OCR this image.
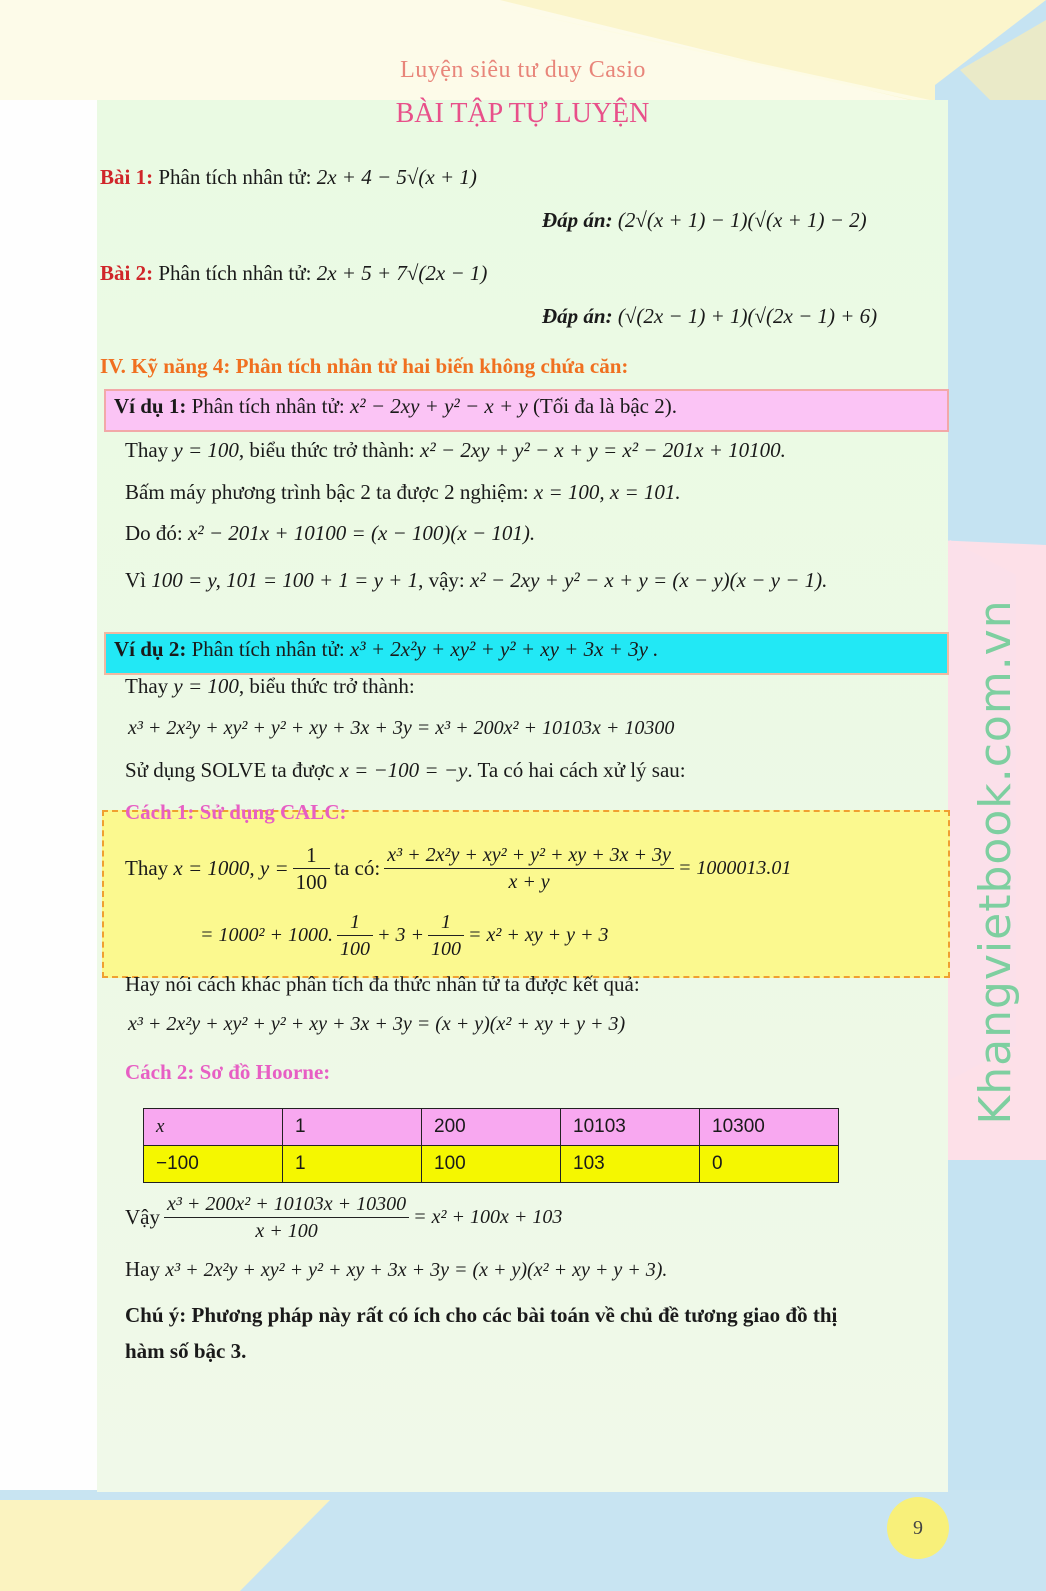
Khangvietbook.com.vn
Luyện siêu tư duy Casio
BÀI TẬP TỰ LUYỆN
Bài 1: Phân tích nhân tử: 2x + 4 − 5√(x + 1)
Đáp án: (2√(x + 1) − 1)(√(x + 1) − 2)
Bài 2: Phân tích nhân tử: 2x + 5 + 7√(2x − 1)
Đáp án: (√(2x − 1) + 1)(√(2x − 1) + 6)
IV. Kỹ năng 4: Phân tích nhân tử hai biến không chứa căn:
Ví dụ 1: Phân tích nhân tử: x² − 2xy + y² − x + y (Tối đa là bậc 2).
Thay y = 100, biểu thức trở thành: x² − 2xy + y² − x + y = x² − 201x + 10100.
Bấm máy phương trình bậc 2 ta được 2 nghiệm: x = 100, x = 101.
Do đó: x² − 201x + 10100 = (x − 100)(x − 101).
Vì 100 = y, 101 = 100 + 1 = y + 1, vậy: x² − 2xy + y² − x + y = (x − y)(x − y − 1).
Ví dụ 2: Phân tích nhân tử: x³ + 2x²y + xy² + y² + xy + 3x + 3y .
Thay y = 100, biểu thức trở thành:
x³ + 2x²y + xy² + y² + xy + 3x + 3y = x³ + 200x² + 10103x + 10300
Sử dụng SOLVE ta được x = −100 = −y. Ta có hai cách xử lý sau:
Cách 1: Sử dụng CALC:
Thay
x = 1000, $y = \frac{1}{100}$ ta có: $\frac{\text{x³ + 2x²y + xy² + y² + xy + 3x + 3y}}{x + y} = 1000013.01$
= 1000² + 1000. $\frac{1}{100} + 3 + \frac{1}{100} = x^2$ + xy + y + 3
Hay nói cách khác phân tích đa thức nhân tử ta được kết quả:
x³ + 2x²y + xy² + y² + xy + 3x + 3y = (x + y)(x² + xy + y + 3)
Cách 2: Sơ đồ Hoorne:
x	1	200	10103	10300
−100	1	100	103	0
Vậy $\frac{\text{x³ + 200x² + 10103x + 10300}}{x + 100} = x^2 + 100x + 103$
Hay x³ + 2x²y + xy² + y² + xy + 3x + 3y = (x + y)(x² + xy + y + 3).
Chú ý: Phương pháp này rất có ích cho các bài toán về chủ đề tương giao đồ thị
hàm số bậc 3.
9
